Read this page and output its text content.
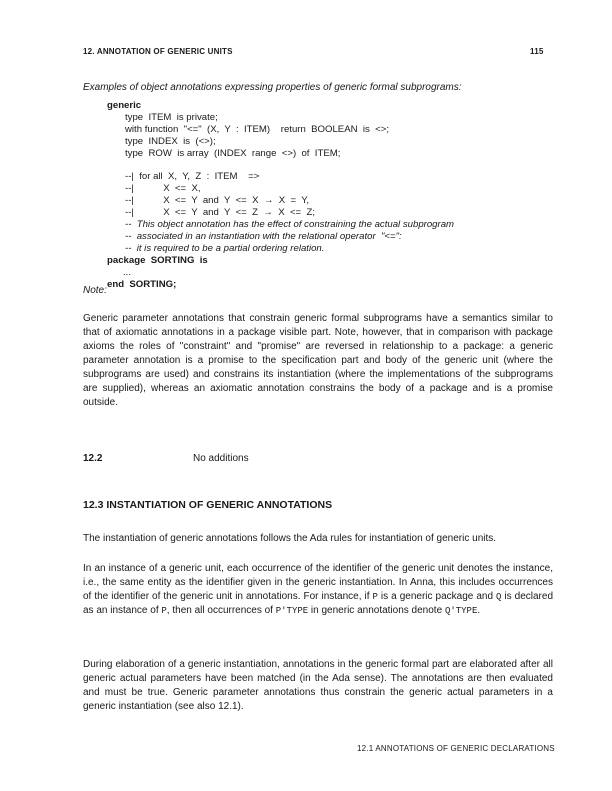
12. ANNOTATION OF GENERIC UNITS	115
Examples of object annotations expressing properties of generic formal subprograms:
generic
type  ITEM  is private;
with function  "<="  (X,  Y  :  ITEM)    return  BOOLEAN  is  <>;
type  INDEX  is  (<>);
type  ROW  is array  (INDEX  range  <>)  of  ITEM;

--|  for all  X,  Y,  Z  :  ITEM    =>
--|           X  <=  X,
--|           X  <=  Y  and  Y  <=  X  →  X  =  Y,
--|           X  <=  Y  and  Y  <=  Z  →  X  <=  Z;
--  This object annotation has the effect of constraining the actual subprogram
--  associated in an instantiation with the relational operator  "<=":
--  it is required to be a partial ordering relation.
package  SORTING  is
...
end  SORTING;
Note:
Generic parameter annotations that constrain generic formal subprograms have a semantics similar to that of axiomatic annotations in a package visible part. Note, however, that in comparison with package axioms the roles of "constraint" and "promise" are reversed in relationship to a package: a generic parameter annotation is a promise to the specification part and body of the generic unit (where the subprograms are used) and constrains its instantiation (where the implementations of the subprograms are supplied), whereas an axiomatic annotation constrains the body of a package and is a promise outside.
12.2	No additions
12.3 INSTANTIATION OF GENERIC ANNOTATIONS
The instantiation of generic annotations follows the Ada rules for instantiation of generic units.
In an instance of a generic unit, each occurrence of the identifier of the generic unit denotes the instance, i.e., the same entity as the identifier given in the generic instantiation. In Anna, this includes occurrences of the identifier of the generic unit in annotations. For instance, if P is a generic package and Q is declared as an instance of P, then all occurrences of P'TYPE in generic annotations denote Q'TYPE.
During elaboration of a generic instantiation, annotations in the generic formal part are elaborated after all generic actual parameters have been matched (in the Ada sense). The annotations are then evaluated and must be true. Generic parameter annotations thus constrain the generic actual parameters in a generic instantiation (see also 12.1).
12.1 ANNOTATIONS OF GENERIC DECLARATIONS
